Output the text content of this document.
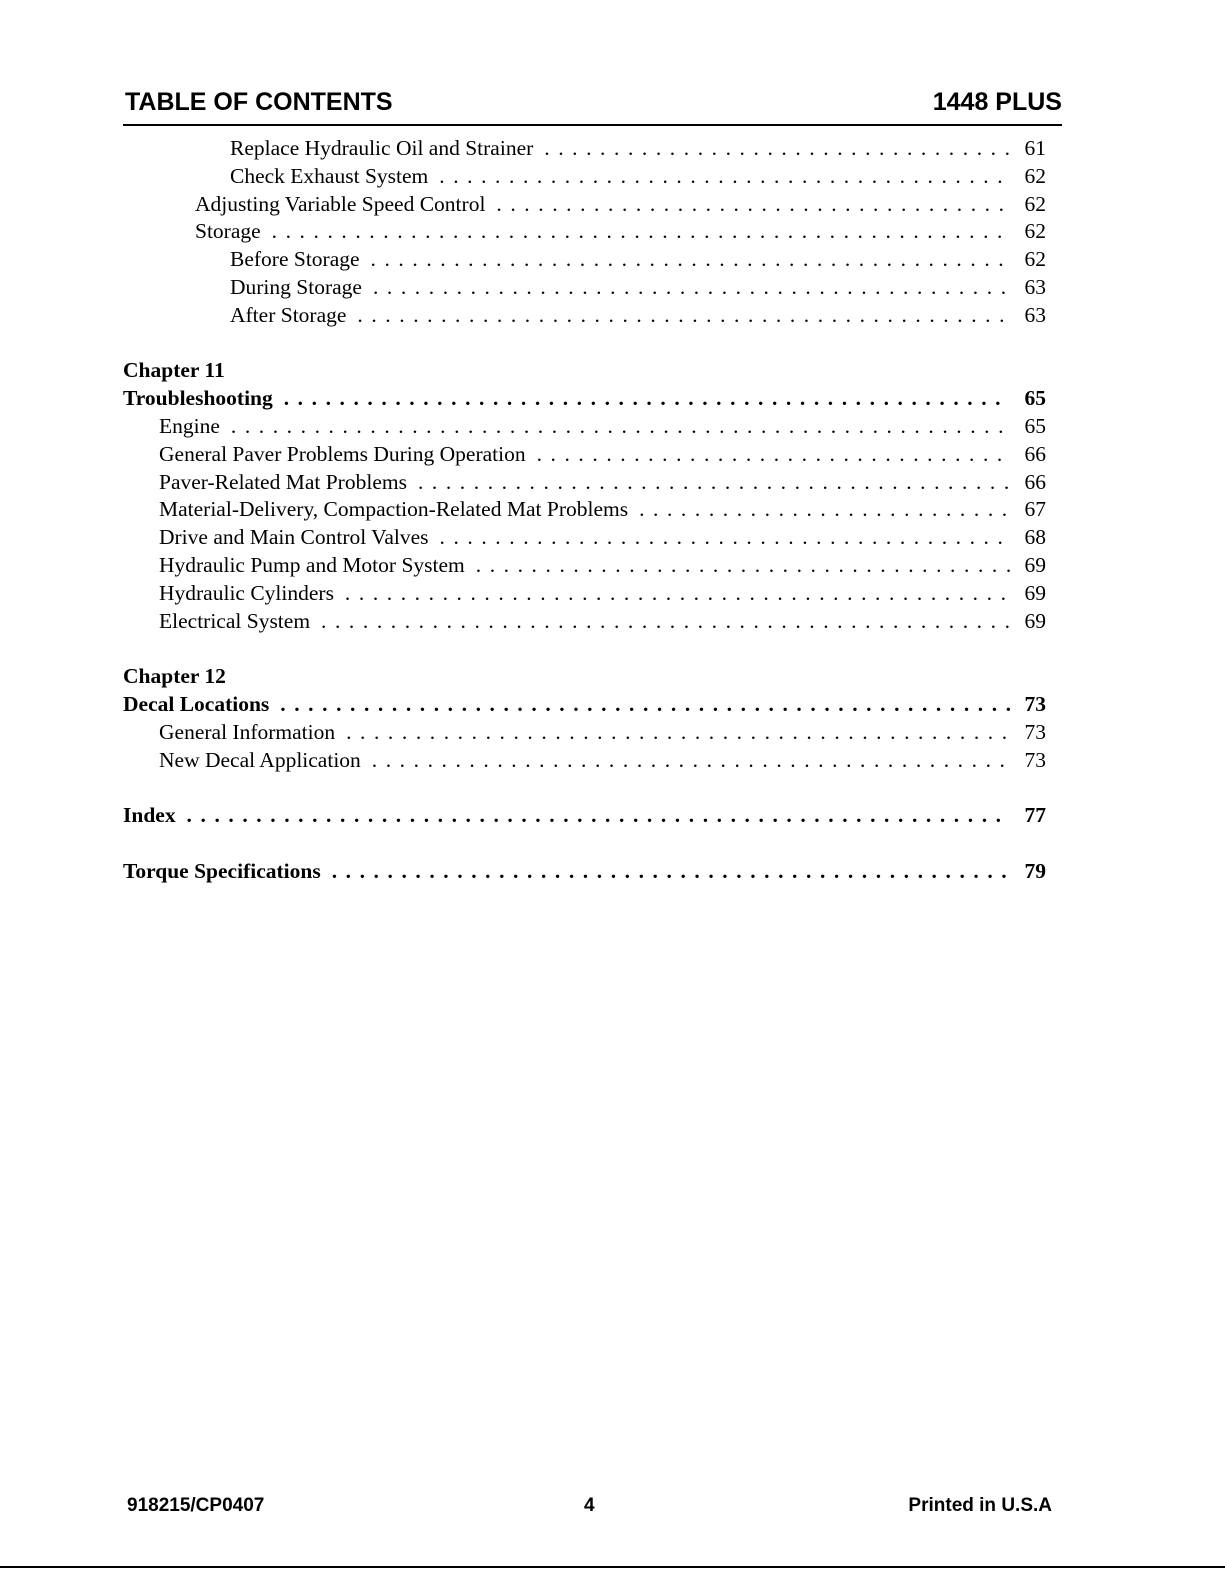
TABLE OF CONTENTS	1448 PLUS
Replace Hydraulic Oil and Strainer . . .	61
Check Exhaust System . . .	62
Adjusting Variable Speed Control . . .	62
Storage . . .	62
Before Storage . . .	62
During Storage . . .	63
After Storage . . .	63
Chapter 11
Troubleshooting . . .	65
Engine . . .	65
General Paver Problems During Operation . . .	66
Paver-Related Mat Problems . . .	66
Material-Delivery, Compaction-Related Mat Problems . . .	67
Drive and Main Control Valves . . .	68
Hydraulic Pump and Motor System . . .	69
Hydraulic Cylinders . . .	69
Electrical System . . .	69
Chapter 12
Decal Locations . . .	73
General Information . . .	73
New Decal Application . . .	73
Index . . .	77
Torque Specifications . . .	79
918215/CP0407	4	Printed in U.S.A
